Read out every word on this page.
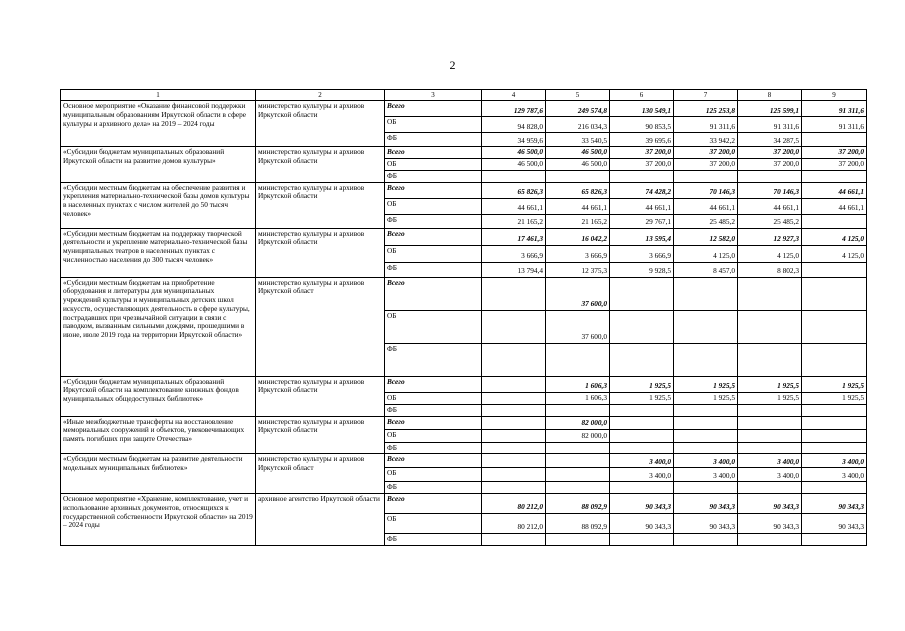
2
1	2	3	4	5	6	7	8	9
Основное мероприятие «Оказание финансовой поддержки муниципальным образованиям Иркутской области в сфере культуры и архивного дела» на 2019 – 2024 годы	министерство культуры и архивов Иркутской области	Всего	129 787,6	249 574,8	130 549,1	125 253,8	125 599,1	91 311,6
		ОБ	94 828,0	216 034,3	90 853,5	91 311,6	91 311,6	91 311,6
		ФБ	34 959,6	33 540,5	39 695,6	33 942,2	34 287,5	
«Субсидии бюджетам муниципальных образований Иркутской области на развитие домов культуры»	министерство культуры и архивов Иркутской области	Всего	46 500,0	46 500,0	37 200,0	37 200,0	37 200,0	37 200,0
		ОБ	46 500,0	46 500,0	37 200,0	37 200,0	37 200,0	37 200,0
		ФБ						
«Субсидии местным бюджетам на обеспечение развития и укрепления материально-технической базы домов культуры в населенных пунктах с числом жителей до 50 тысяч человек»	министерство культуры и архивов Иркутской области	Всего	65 826,3	65 826,3	74 428,2	70 146,3	70 146,3	44 661,1
		ОБ	44 661,1	44 661,1	44 661,1	44 661,1	44 661,1	44 661,1
		ФБ	21 165,2	21 165,2	29 767,1	25 485,2	25 485,2	
«Субсидии местным бюджетам на поддержку творческой деятельности и укрепление материально-технической базы муниципальных театров в населенных пунктах с численностью населения до 300 тысяч человек»	министерство культуры и архивов Иркутской области	Всего	17 461,3	16 042,2	13 595,4	12 582,0	12 927,3	4 125,0
		ОБ	3 666,9	3 666,9	3 666,9	4 125,0	4 125,0	4 125,0
		ФБ	13 794,4	12 375,3	9 928,5	8 457,0	8 802,3	
«Субсидии местным бюджетам на приобретение оборудования и литературы для муниципальных учреждений культуры и муниципальных детских школ искусств, осуществляющих деятельность в сфере культуры, пострадавших при чрезвычайной ситуации в связи с паводком, вызванным сильными дождями, прошедшими в июне, июле 2019 года на территории Иркутской области»	министерство культуры и архивов Иркутской област	Всего		37 600,0				
		ОБ		37 600,0				
		ФБ						
«Субсидии бюджетам муниципальных образований Иркутской области на комплектование книжных фондов муниципальных общедоступных библиотек»	министерство культуры и архивов Иркутской области	Всего		1 606,3	1 925,5	1 925,5	1 925,5	1 925,5
		ОБ		1 606,3	1 925,5	1 925,5	1 925,5	1 925,5
		ФБ						
«Иные межбюджетные трансферты на восстановление мемориальных сооружений и объектов, увековечивающих память погибших при защите Отечества»	министерство культуры и архивов Иркутской области	Всего		82 000,0				
		ОБ		82 000,0				
		ФБ						
«Субсидии местным бюджетам на развитие деятельности модельных муниципальных библиотек»	министерство культуры и архивов Иркутской област	Всего			3 400,0	3 400,0	3 400,0	3 400,0
		ОБ			3 400,0	3 400,0	3 400,0	3 400,0
		ФБ						
Основное мероприятие «Хранение, комплектование, учет и использование архивных документов, относящихся к государственной собственности Иркутской области» на 2019 – 2024 годы	архивное агентство Иркутской области	Всего	80 212,0	88 092,9	90 343,3	90 343,3	90 343,3	90 343,3
		ОБ	80 212,0	88 092,9	90 343,3	90 343,3	90 343,3	90 343,3
		ФБ						
